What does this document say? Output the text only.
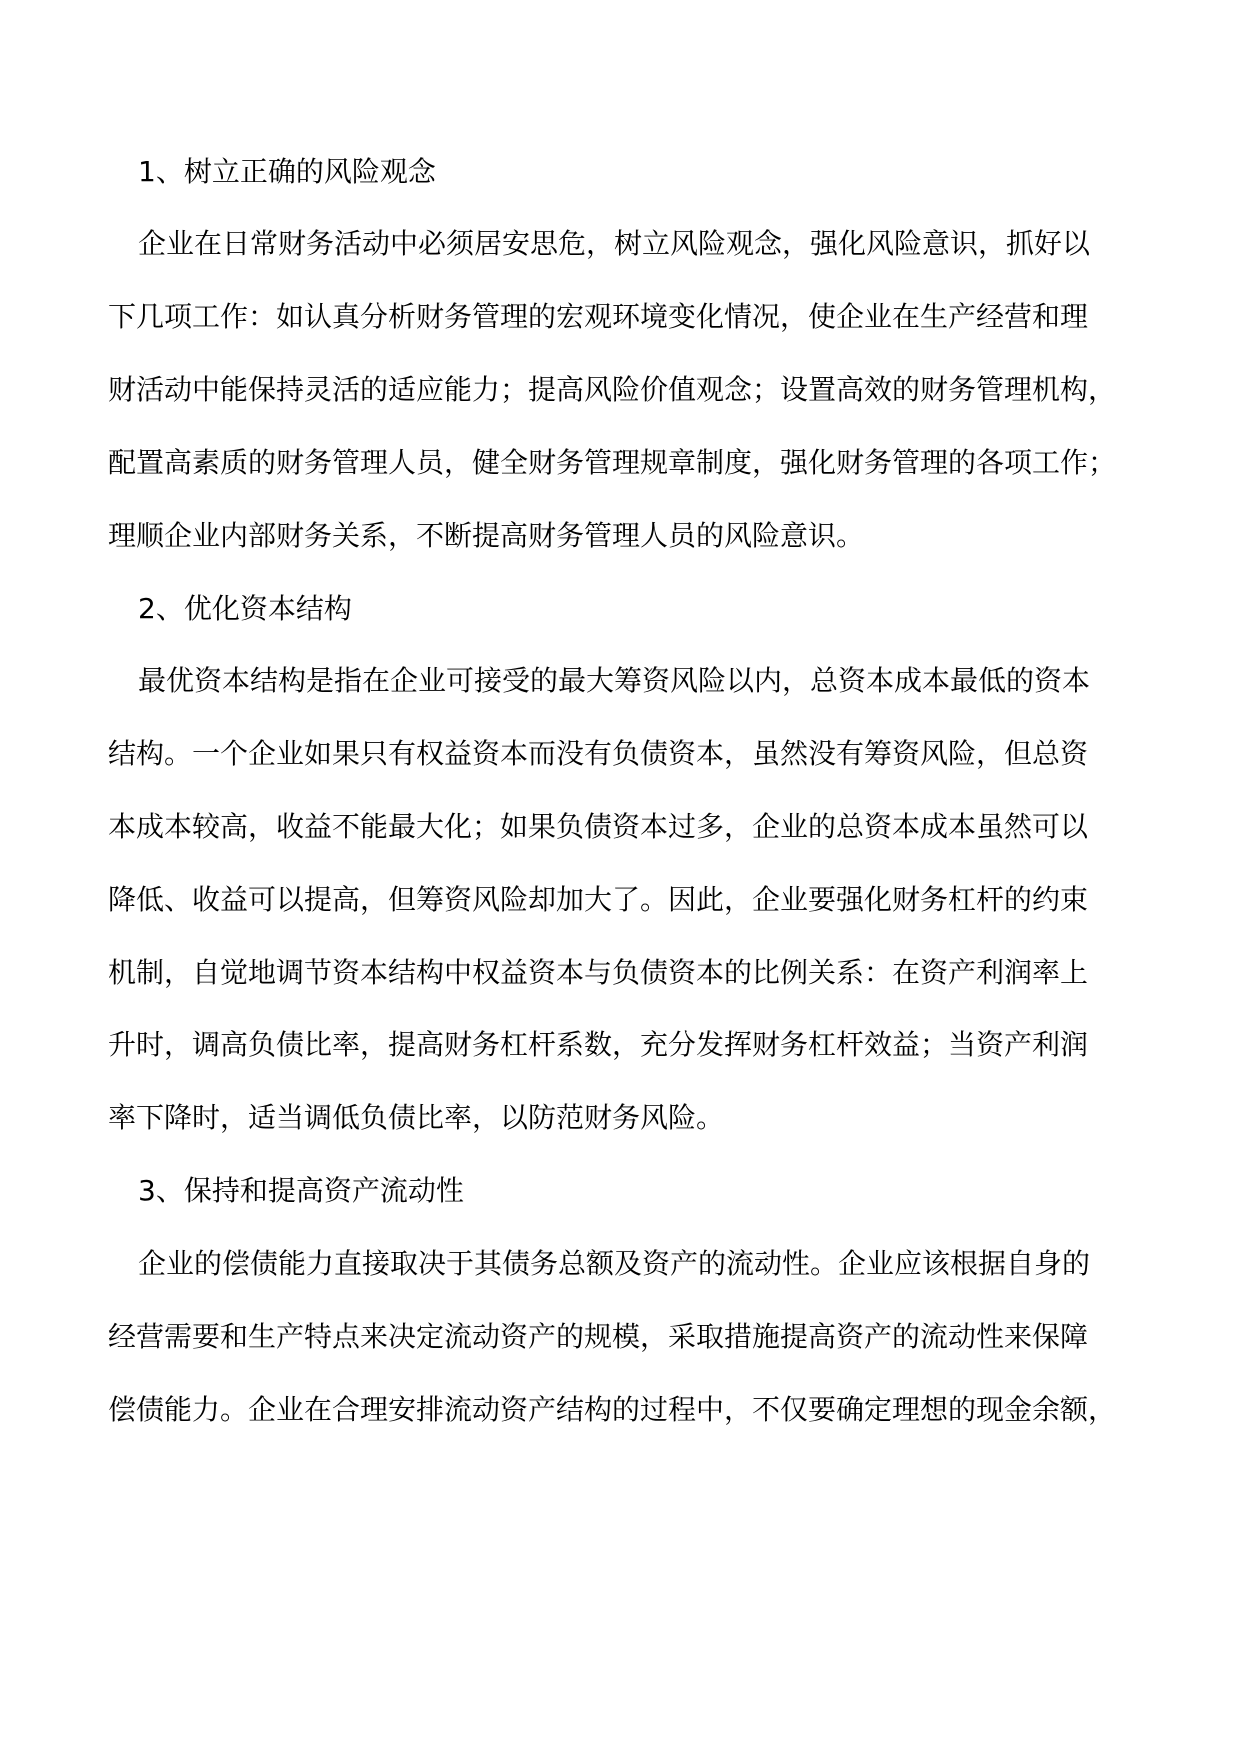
1、树立正确的风险观念
企业在日常财务活动中必须居安思危，树立风险观念，强化风险意识，抓好以
下几项工作：如认真分析财务管理的宏观环境变化情况，使企业在生产经营和理
财活动中能保持灵活的适应能力；提高风险价值观念；设置高效的财务管理机构，
配置高素质的财务管理人员，健全财务管理规章制度，强化财务管理的各项工作；
理顺企业内部财务关系，不断提高财务管理人员的风险意识。
2、优化资本结构
最优资本结构是指在企业可接受的最大筹资风险以内，总资本成本最低的资本
结构。一个企业如果只有权益资本而没有负债资本，虽然没有筹资风险，但总资
本成本较高，收益不能最大化；如果负债资本过多，企业的总资本成本虽然可以
降低、收益可以提高，但筹资风险却加大了。因此，企业要强化财务杠杆的约束
机制，自觉地调节资本结构中权益资本与负债资本的比例关系：在资产利润率上
升时，调高负债比率，提高财务杠杆系数，充分发挥财务杠杆效益；当资产利润
率下降时，适当调低负债比率，以防范财务风险。
3、保持和提高资产流动性
企业的偿债能力直接取决于其债务总额及资产的流动性。企业应该根据自身的
经营需要和生产特点来决定流动资产的规模，采取措施提高资产的流动性来保障
偿债能力。企业在合理安排流动资产结构的过程中，不仅要确定理想的现金余额，
